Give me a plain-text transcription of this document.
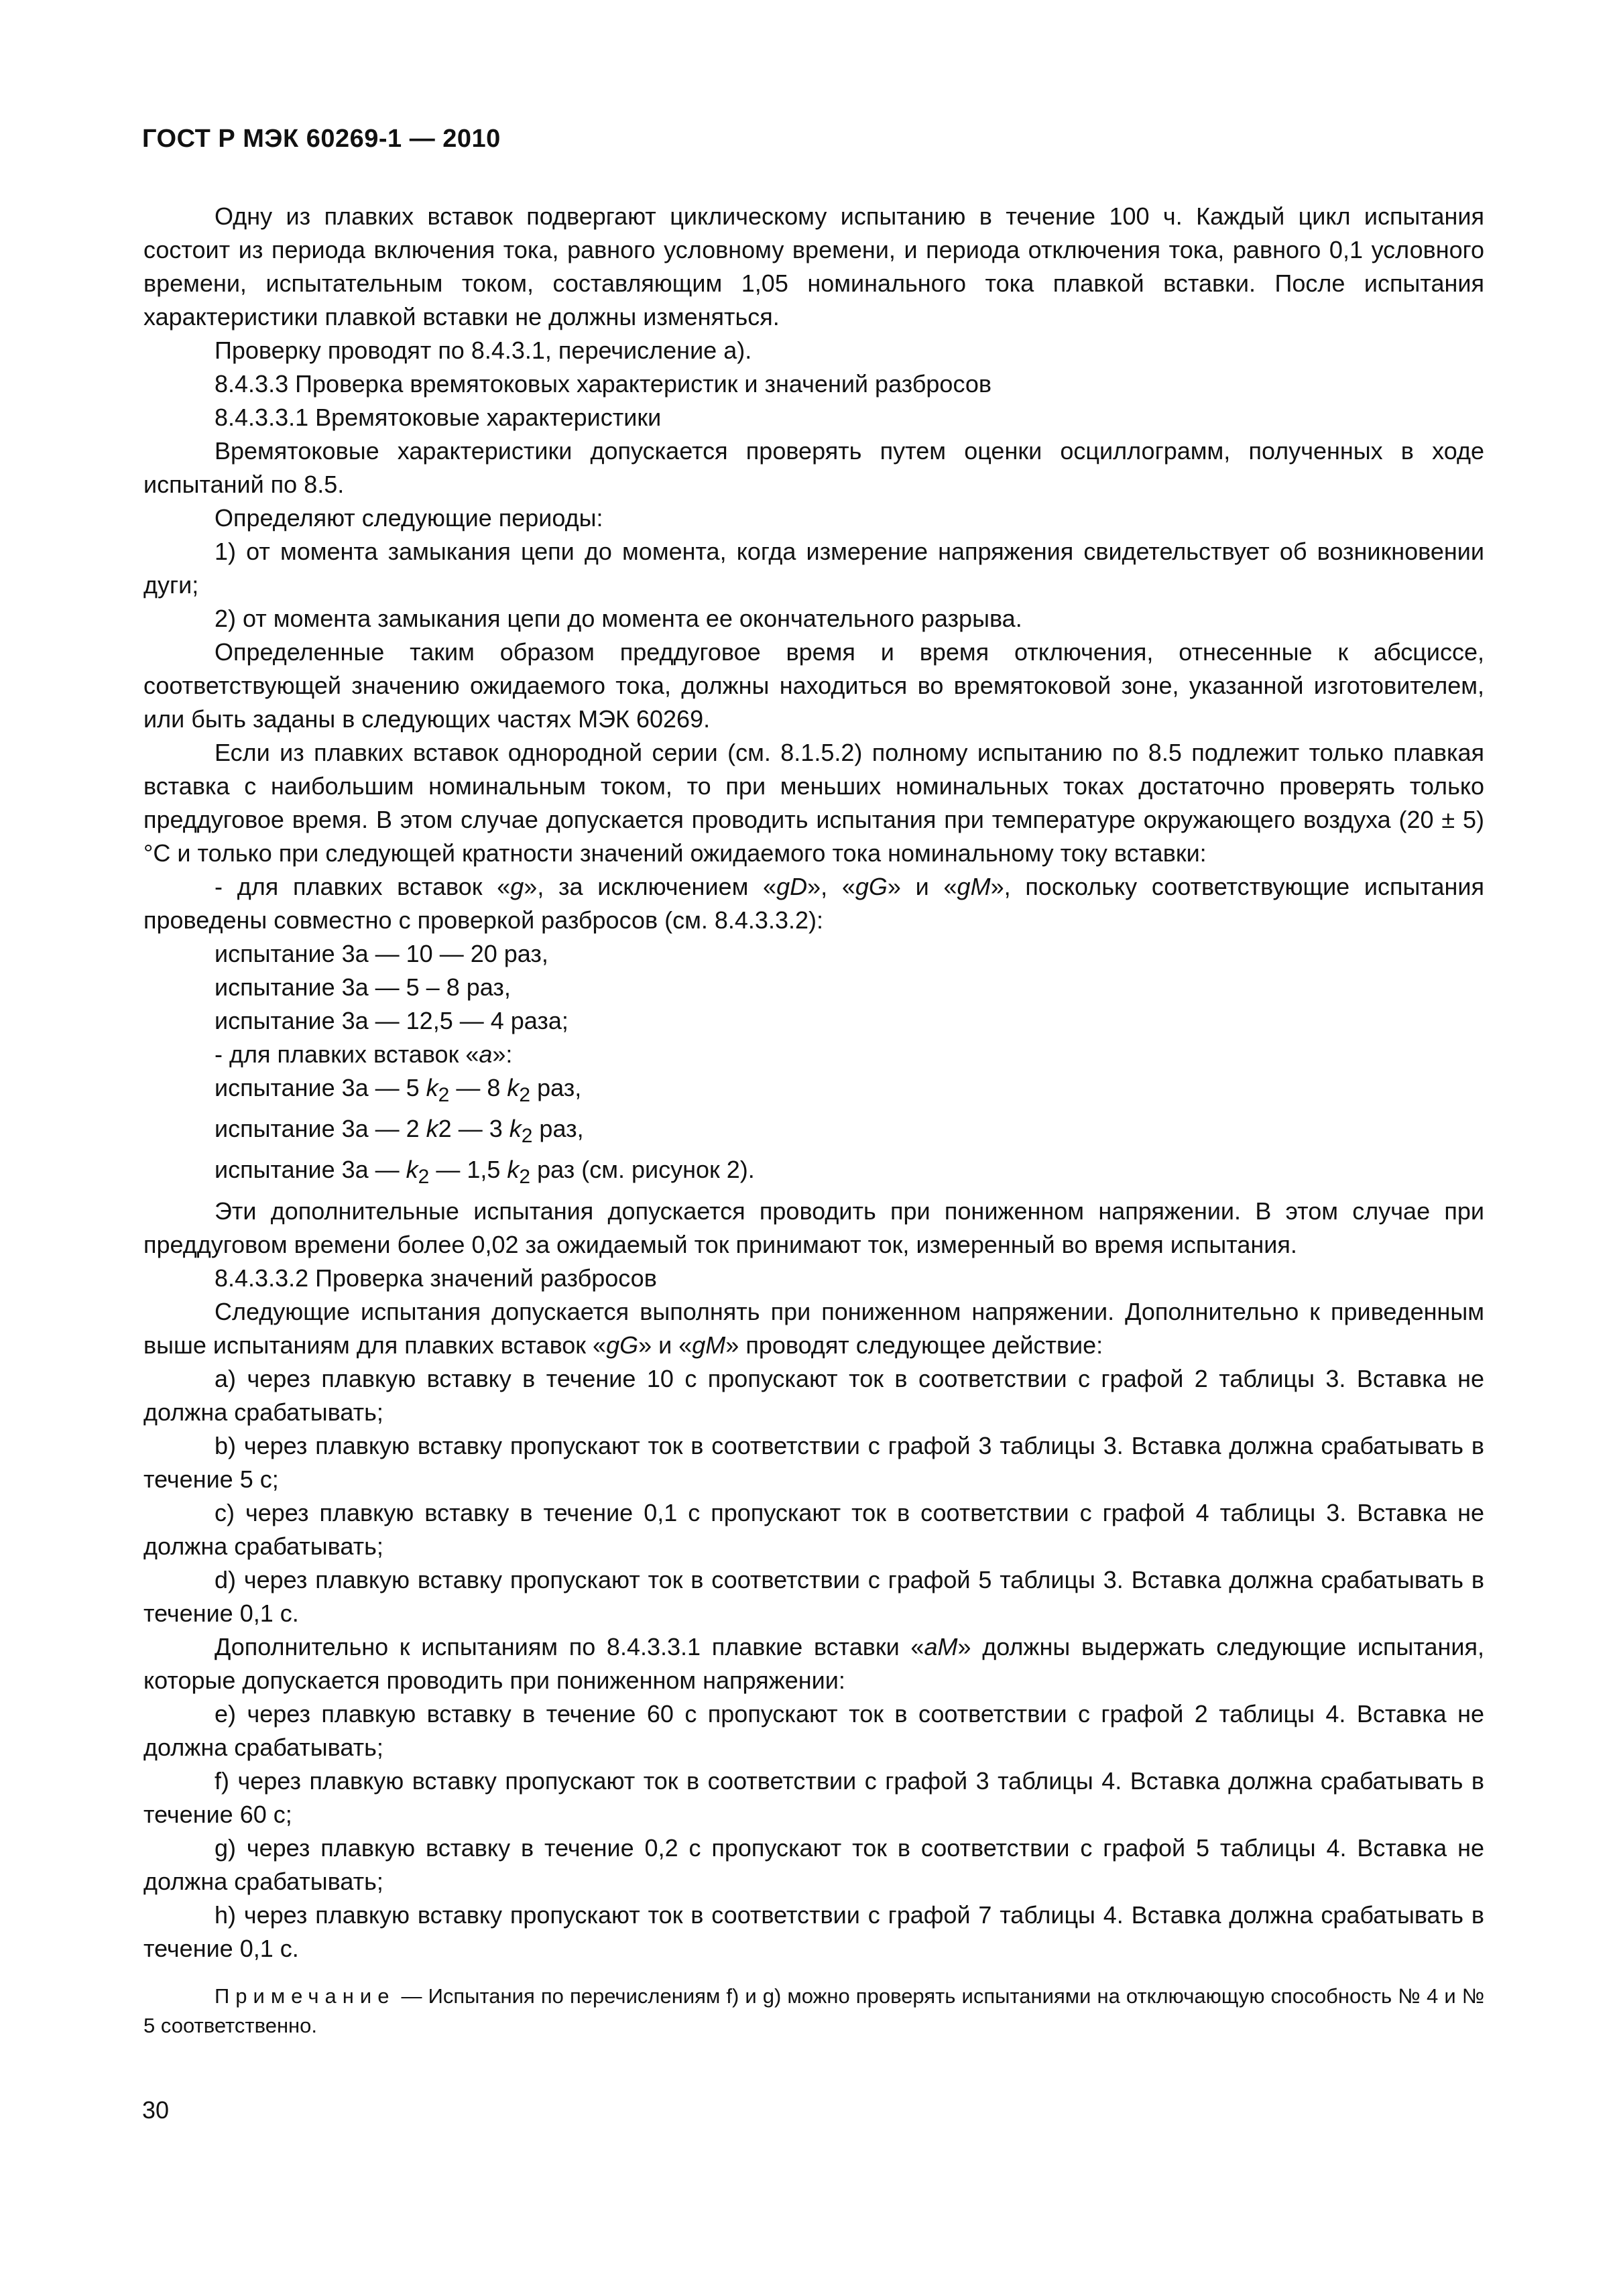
ГОСТ Р МЭК 60269-1 — 2010

Одну из плавких вставок подвергают циклическому испытанию в течение 100 ч. Каждый цикл испытания состоит из периода включения тока, равного условному времени, и периода отключения тока, равного 0,1 условного времени, испытательным током, составляющим 1,05 номинального тока плавкой вставки. После испытания характеристики плавкой вставки не должны изменяться.

Проверку проводят по 8.4.3.1, перечисление а).

8.4.3.3 Проверка времятоковых характеристик и значений разбросов

8.4.3.3.1 Времятоковые характеристики

Времятоковые характеристики допускается проверять путем оценки осциллограмм, полученных в ходе испытаний по 8.5.

Определяют следующие периоды:

1) от момента замыкания цепи до момента, когда измерение напряжения свидетельствует об возникновении дуги;

2) от момента замыкания цепи до момента ее окончательного разрыва.

Определенные таким образом преддуговое время и время отключения, отнесенные к абсциссе, соответствующей значению ожидаемого тока, должны находиться во времятоковой зоне, указанной изготовителем, или быть заданы в следующих частях МЭК 60269.

Если из плавких вставок однородной серии (см. 8.1.5.2) полному испытанию по 8.5 подлежит только плавкая вставка с наибольшим номинальным током, то при меньших номинальных токах достаточно проверять только преддуговое время. В этом случае допускается проводить испытания при температуре окружающего воздуха (20 ± 5) °С и только при следующей кратности значений ожидаемого тока номинальному току вставки:

- для плавких вставок «g», за исключением «gD», «gG» и «gM», поскольку соответствующие испытания проведены совместно с проверкой разбросов (см. 8.4.3.3.2):

испытание 3а — 10 — 20 раз,

испытание 3а — 5 – 8 раз,

испытание 3а — 12,5 — 4 раза;

- для плавких вставок «а»:

испытание 3а — 5 $k_2$ — 8 $k_2$ раз,

испытание 3а — 2 k2 — 3 $k_2$ раз,

испытание 3а — $k_2$ — 1,5 $k_2$ раз (см. рисунок 2).

Эти дополнительные испытания допускается проводить при пониженном напряжении. В этом случае при преддуговом времени более 0,02 за ожидаемый ток принимают ток, измеренный во время испытания.

8.4.3.3.2 Проверка значений разбросов

Следующие испытания допускается выполнять при пониженном напряжении. Дополнительно к приведенным выше испытаниям для плавких вставок «gG» и «gM» проводят следующее действие:

а) через плавкую вставку в течение 10 с пропускают ток в соответствии с графой 2 таблицы 3. Вставка не должна срабатывать;

b) через плавкую вставку пропускают ток в соответствии с графой 3 таблицы 3. Вставка должна срабатывать в течение 5 с;

с) через плавкую вставку в течение 0,1 с пропускают ток в соответствии с графой 4 таблицы 3. Вставка не должна срабатывать;

d) через плавкую вставку пропускают ток в соответствии с графой 5 таблицы 3. Вставка должна срабатывать в течение 0,1 с.

Дополнительно к испытаниям по 8.4.3.3.1 плавкие вставки «aM» должны выдержать следующие испытания, которые допускается проводить при пониженном напряжении:

е) через плавкую вставку в течение 60 с пропускают ток в соответствии с графой 2 таблицы 4. Вставка не должна срабатывать;

f) через плавкую вставку пропускают ток в соответствии с графой 3 таблицы 4. Вставка должна срабатывать в течение 60 с;

g) через плавкую вставку в течение 0,2 с пропускают ток в соответствии с графой 5 таблицы 4. Вставка не должна срабатывать;

h) через плавкую вставку пропускают ток в соответствии с графой 7 таблицы 4. Вставка должна срабатывать в течение 0,1 с.

Примечание — Испытания по перечислениям f) и g) можно проверять испытаниями на отключающую способность № 4 и № 5 соответственно.

30
